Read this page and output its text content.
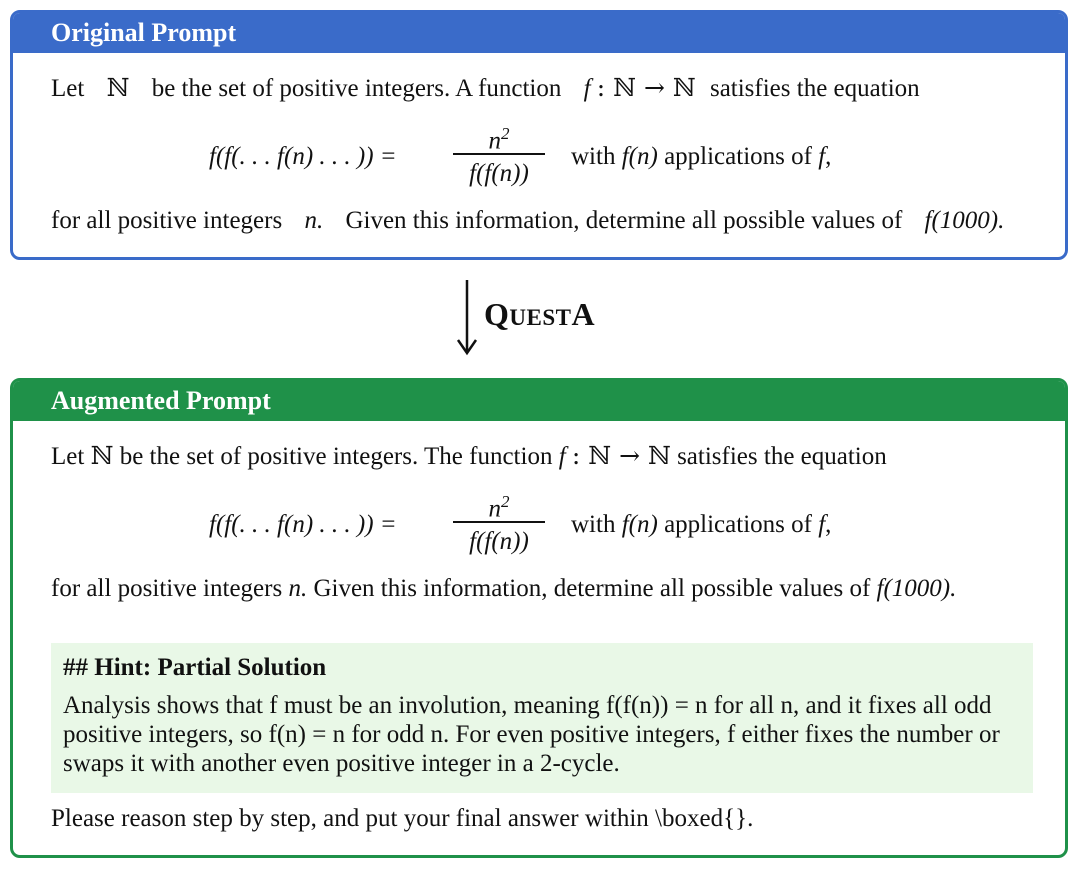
Original Prompt
Let ℕ be the set of positive integers. A function f : ℕ → ℕ satisfies the equation
f(f(. . . f(n) . . . )) =
$n^2$
f(f(n))
with f(n) applications of f,
for all positive integers n. Given this information, determine all possible values of f(1000).
QUESTA
Augmented Prompt
Let ℕ be the set of positive integers. The function f : ℕ → ℕ satisfies the equation
f(f(. . . f(n) . . . )) =
$n^2$
f(f(n))
with f(n) applications of f,
for all positive integers n. Given this information, determine all possible values of f(1000).
## Hint: Partial Solution
Analysis shows that f must be an involution, meaning f(f(n)) = n for all n, and it fixes all odd positive integers, so f(n) = n for odd n. For even positive integers, f either fixes the number or swaps it with another even positive integer in a 2-cycle.
Please reason step by step, and put your final answer within \boxed{}.
